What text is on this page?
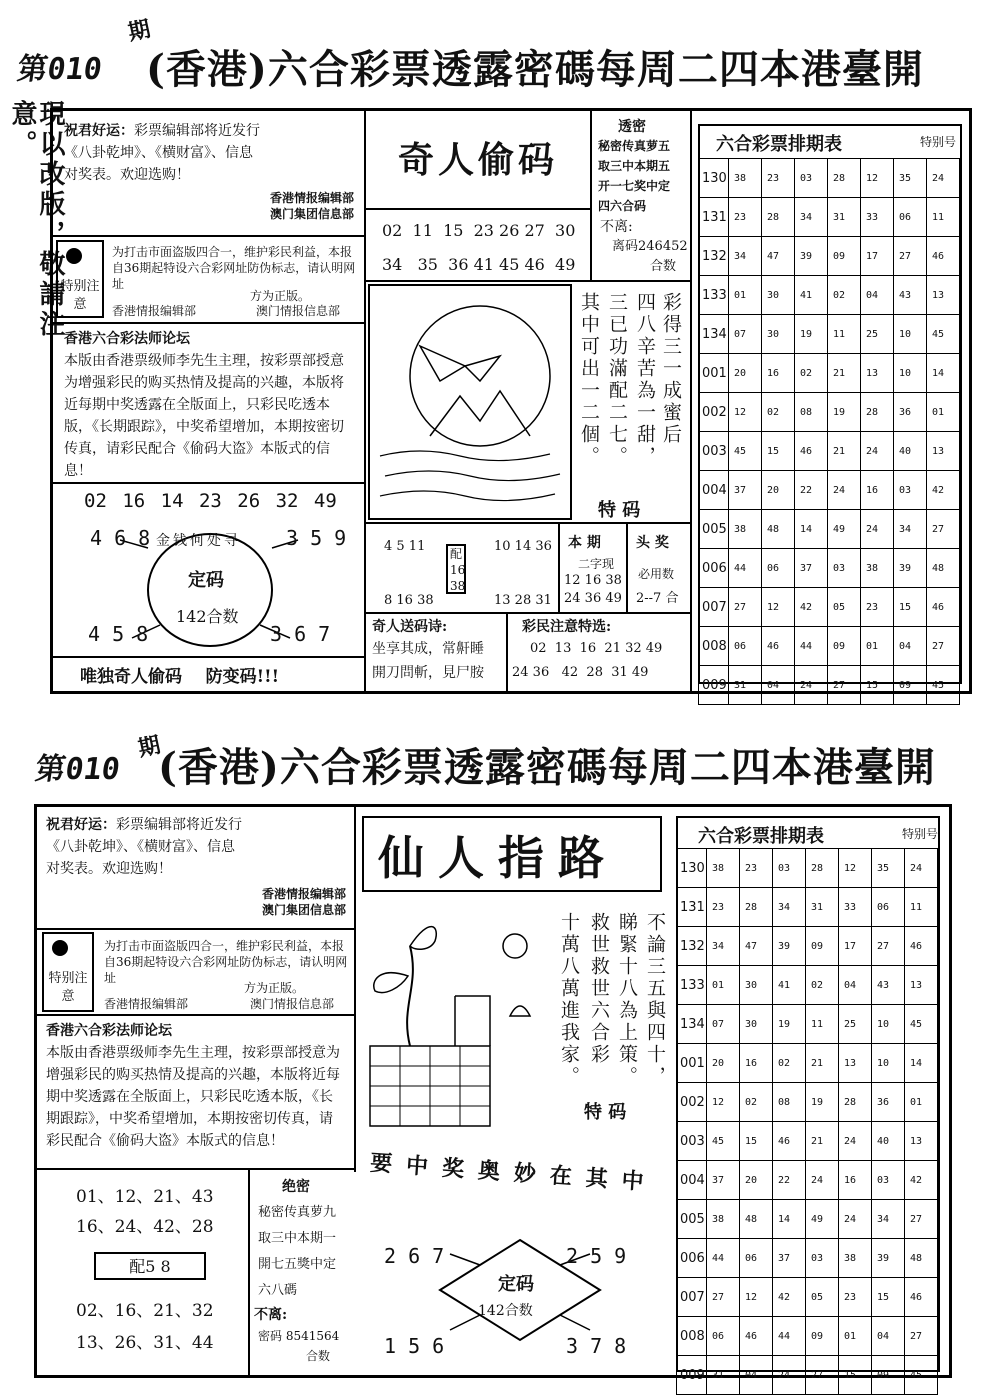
第010
期
(香港)六合彩票透露密碼每周二四本港臺開
現以改版，敬請注意。	祝君好运：彩票编辑部将近发行
《八卦乾坤》、《横财富》、信息
对奖表。欢迎选购！
香港情报编辑部
澳门集团信息部
特别注意
为打击市面盗版四合一，维护彩民利益，本报自36期起特设六合彩网址防伪标志，请认明网址
方为正版。
香港情报编辑部	澳门情报信息部
香港六合彩法师论坛
本版由香港票级师李先生主理，按彩票部授意为增强彩民的购买热情及提高的兴趣，本版将近每期中奖透露在全版面上，只彩民吃透本版，《长期跟踪》，中奖希望增加，本期按密切传真，请彩民配合《偷码大盗》本版式的信息！
02 16 14 23 26 32 49
4 6 8	3 5 9
4 5 8	3 6 7
金钱何处寻
定码
142合数
唯独奇人偷码    防变码!!!
奇人偷码
02  11  15  23 26 27  30
34   35  36 41 45 46  49
彩得三一成蜜后
四八辛苦為一甜，
三已功滿配二七。
其中可出一二個。
特 码
4 5 11
8 16 38
配16 38
10 14 36
13 28 31
本 期
二字现
12 16 38
24 36 49
头 奖
必用数
2--7 合
奇人送码诗:
坐享其成，常鼾睡
開刀問斬，見尸胺
彩民注意特选:
02  13  16  21 32 49
24 36   42  28  31 49
透密
秘密传真萝五
取三中本期五
开一七奖中定
四六合码
不离:
离码246452
合数
六合彩票排期表	特别号
130	38	23	03	28	12	35	24
131	23	28	34	31	33	06	11
132	34	47	39	09	17	27	46
133	01	30	41	02	04	43	13
134	07	30	19	11	25	10	45
001	20	16	02	21	13	10	14
002	12	02	08	19	28	36	01
003	45	15	46	21	24	40	13
004	37	20	22	24	16	03	42
005	38	48	14	49	24	34	27
006	44	06	37	03	38	39	48
007	27	12	42	05	23	15	46
008	06	46	44	09	01	04	27
009	31	04	24	27	15	09	45
第010
期
(香港)六合彩票透露密碼每周二四本港臺開
祝君好运：彩票编辑部将近发行
《八卦乾坤》、《横财富》、信息
对奖表。欢迎选购！
香港情报编辑部
澳门集团信息部
特别注意
为打击市面盗版四合一，维护彩民利益，本报自36期起特设六合彩网址防伪标志，请认明网址
方为正版。
香港情报编辑部	澳门情报信息部
香港六合彩法师论坛
本版由香港票级师李先生主理，按彩票部授意为增强彩民的购买热情及提高的兴趣，本版将近每期中奖透露在全版面上，只彩民吃透本版，《长期跟踪》，中奖希望增加，本期按密切传真，请彩民配合《偷码大盗》本版式的信息！
01、12、21、43
16、24、42、28
配5 8
02、16、21、32
13、26、31、44
绝密
秘密传真萝九
取三中本期一
開七五獎中定
六八碼
不离:
密码 8541564
合数
仙人指路
不論三五與四十，
睇緊十八為上策。
救世救世六合彩
十萬八萬進我家。
特 码
要中奖奥妙在其中
2 6 7	2 5 9
1 5 6	3 7 8
定码
142合数
六合彩票排期表	特别号
130	38	23	03	28	12	35	24
131	23	28	34	31	33	06	11
132	34	47	39	09	17	27	46
133	01	30	41	02	04	43	13
134	07	30	19	11	25	10	45
001	20	16	02	21	13	10	14
002	12	02	08	19	28	36	01
003	45	15	46	21	24	40	13
004	37	20	22	24	16	03	42
005	38	48	14	49	24	34	27
006	44	06	37	03	38	39	48
007	27	12	42	05	23	15	46
008	06	46	44	09	01	04	27
009	31	04	24	27	15	09	45
